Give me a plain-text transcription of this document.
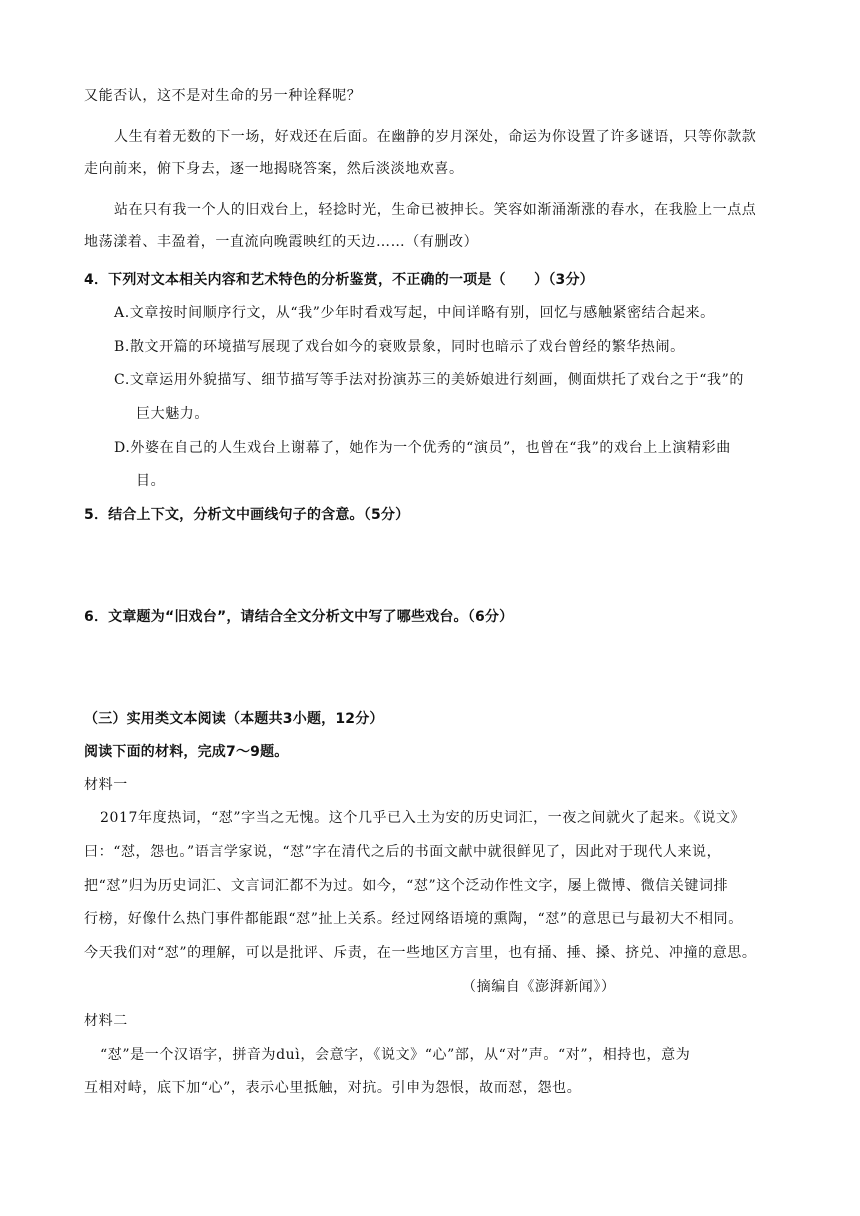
又能否认，这不是对生命的另一种诠释呢？
人生有着无数的下一场，好戏还在后面。在幽静的岁月深处，命运为你设置了许多谜语，只等你款款
走向前来，俯下身去，逐一地揭晓答案，然后淡淡地欢喜。
站在只有我一个人的旧戏台上，轻捻时光，生命已被抻长。笑容如渐涌渐涨的春水，在我脸上一点点
地荡漾着、丰盈着，一直流向晚霞映红的天边……（有删改）
4．下列对文本相关内容和艺术特色的分析鉴赏，不正确的一项是（　　）（3分）
A.文章按时间顺序行文，从“我”少年时看戏写起，中间详略有别，回忆与感触紧密结合起来。
B.散文开篇的环境描写展现了戏台如今的衰败景象，同时也暗示了戏台曾经的繁华热闹。
C.文章运用外貌描写、细节描写等手法对扮演苏三的美娇娘进行刻画，侧面烘托了戏台之于“我”的
巨大魅力。
D.外婆在自己的人生戏台上谢幕了，她作为一个优秀的“演员”，也曾在“我”的戏台上上演精彩曲
目。
5．结合上下文，分析文中画线句子的含意。（5分）
6．文章题为“旧戏台”，请结合全文分析文中写了哪些戏台。（6分）
（三）实用类文本阅读（本题共3小题，12分）
阅读下面的材料，完成7～9题。
材料一
2017年度热词，“怼”字当之无愧。这个几乎已入土为安的历史词汇，一夜之间就火了起来。《说文》
曰：“怼，怨也。”语言学家说，“怼”字在清代之后的书面文献中就很鲜见了，因此对于现代人来说，
把“怼”归为历史词汇、文言词汇都不为过。如今，“怼”这个泛动作性文字，屡上微博、微信关键词排
行榜，好像什么热门事件都能跟“怼”扯上关系。经过网络语境的熏陶，“怼”的意思已与最初大不相同。
今天我们对“怼”的理解，可以是批评、斥责，在一些地区方言里，也有捅、捶、搡、挤兑、冲撞的意思。
（摘编自《澎湃新闻》）
材料二
“怼”是一个汉语字，拼音为duì，会意字，《说文》“心”部，从“对”声。“对”，相持也，意为
互相对峙，底下加“心”，表示心里抵触，对抗。引申为怨恨，故而怼，怨也。
